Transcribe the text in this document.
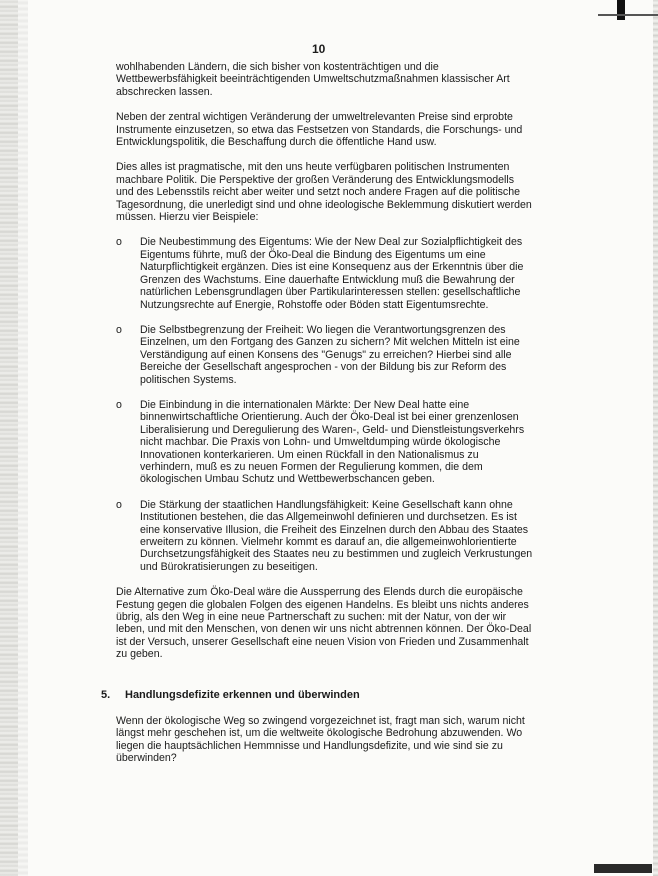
10

wohlhabenden Ländern, die sich bisher von kostenträchtigen und die Wettbewerbsfähigkeit beeinträchtigenden Umweltschutzmaßnahmen klassischer Art abschrecken lassen.

Neben der zentral wichtigen Veränderung der umweltrelevanten Preise sind erprobte Instrumente einzusetzen, so etwa das Festsetzen von Standards, die Forschungs- und Entwicklungspolitik, die Beschaffung durch die öffentliche Hand usw.

Dies alles ist pragmatische, mit den uns heute verfügbaren politischen Instrumenten machbare Politik. Die Perspektive der großen Veränderung des Entwicklungsmodells und des Lebensstils reicht aber weiter und setzt noch andere Fragen auf die politische Tagesordnung, die unerledigt sind und ohne ideologische Beklemmung diskutiert werden müssen. Hierzu vier Beispiele:

o	Die Neubestimmung des Eigentums: Wie der New Deal zur Sozialpflichtigkeit des Eigentums führte, muß der Öko-Deal die Bindung des Eigentums um eine Naturpflichtigkeit ergänzen. Dies ist eine Konsequenz aus der Erkenntnis über die Grenzen des Wachstums. Eine dauerhafte Entwicklung muß die Bewahrung der natürlichen Lebensgrundlagen über Partikularinteressen stellen: gesellschaftliche Nutzungsrechte auf Energie, Rohstoffe oder Böden statt Eigentumsrechte.
o	Die Selbstbegrenzung der Freiheit: Wo liegen die Verantwortungsgrenzen des Einzelnen, um den Fortgang des Ganzen zu sichern? Mit welchen Mitteln ist eine Verständigung auf einen Konsens des "Genugs" zu erreichen? Hierbei sind alle Bereiche der Gesellschaft angesprochen - von der Bildung bis zur Reform des politischen Systems.
o	Die Einbindung in die internationalen Märkte: Der New Deal hatte eine binnenwirtschaftliche Orientierung. Auch der Öko-Deal ist bei einer grenzenlosen Liberalisierung und Deregulierung des Waren-, Geld- und Dienstleistungsverkehrs nicht machbar. Die Praxis von Lohn- und Umweltdumping würde ökologische Innovationen konterkarieren. Um einen Rückfall in den Nationalismus zu verhindern, muß es zu neuen Formen der Regulierung kommen, die dem ökologischen Umbau Schutz und Wettbewerbschancen geben.
o	Die Stärkung der staatlichen Handlungsfähigkeit: Keine Gesellschaft kann ohne Institutionen bestehen, die das Allgemeinwohl definieren und durchsetzen. Es ist eine konservative Illusion, die Freiheit des Einzelnen durch den Abbau des Staates erweitern zu können. Vielmehr kommt es darauf an, die allgemeinwohlorientierte Durchsetzungsfähigkeit des Staates neu zu bestimmen und zugleich Verkrustungen und Bürokratisierungen zu beseitigen.

Die Alternative zum Öko-Deal wäre die Aussperrung des Elends durch die europäische Festung gegen die globalen Folgen des eigenen Handelns. Es bleibt uns nichts anderes übrig, als den Weg in eine neue Partnerschaft zu suchen: mit der Natur, von der wir leben, und mit den Menschen, von denen wir uns nicht abtrennen können. Der Öko-Deal ist der Versuch, unserer Gesellschaft eine neuen Vision von Frieden und Zusammenhalt zu geben.

5.	Handlungsdefizite erkennen und überwinden

Wenn der ökologische Weg so zwingend vorgezeichnet ist, fragt man sich, warum nicht längst mehr geschehen ist, um die weltweite ökologische Bedrohung abzuwenden. Wo liegen die hauptsächlichen Hemmnisse und Handlungsdefizite, und wie sind sie zu überwinden?
